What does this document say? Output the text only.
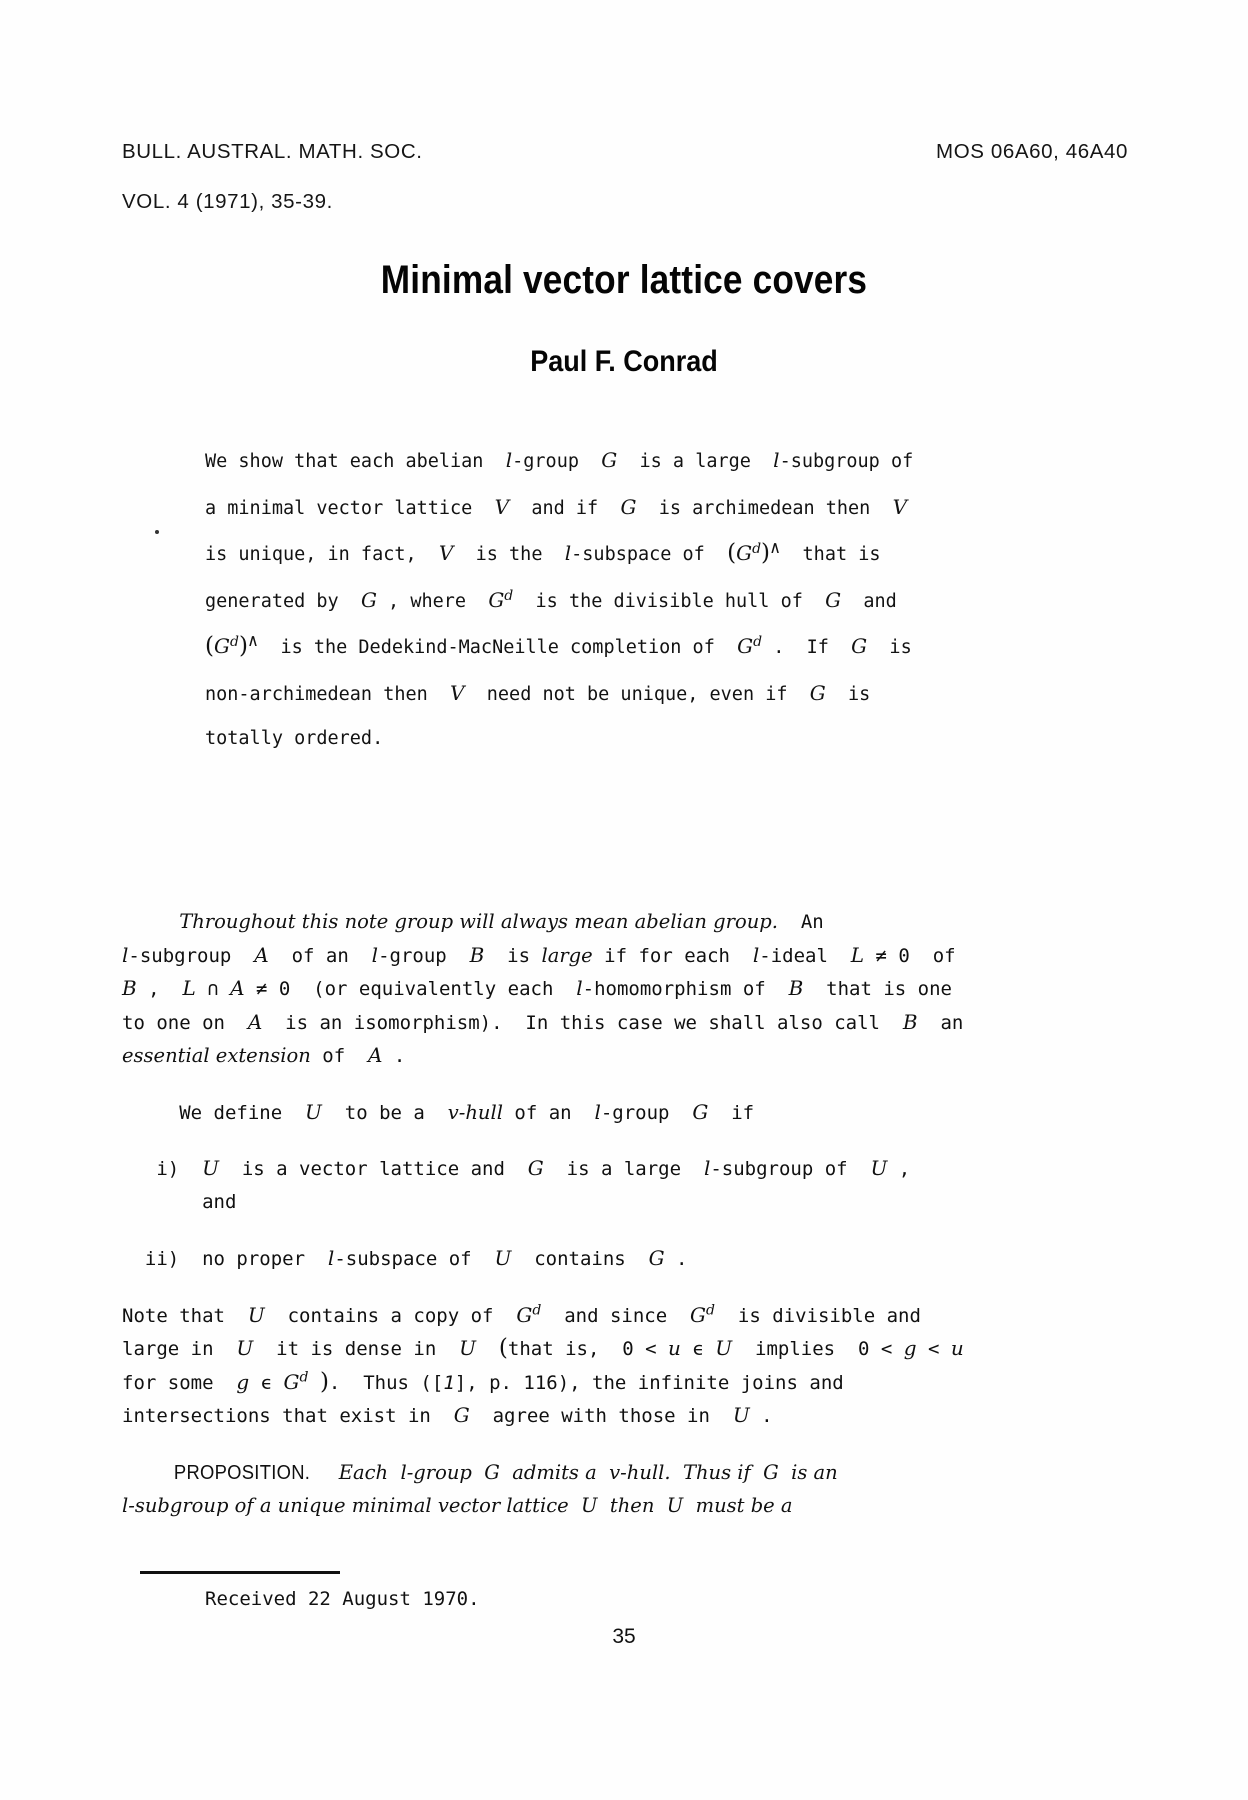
BULL. AUSTRAL. MATH. SOC.	MOS 06A60, 46A40
VOL. 4 (1971), 35-39.
Minimal vector lattice covers
Paul F. Conrad
We show that each abelian  l-group  G  is a large  l-subgroup of
a minimal vector lattice  V  and if  G  is archimedean then  V
is unique, in fact,  V  is the  l-subspace of  $(G^d)\wedge$  that is
generated by  G , where  $G^d$  is the divisible hull of  G  and
$(G^d)\wedge$  is the Dedekind-MacNeille completion of  $G^d$ .  If  G  is
non-archimedean then  V  need not be unique, even if  G  is
totally ordered.
Throughout this note group will always mean abelian group.  An
l-subgroup  A  of an  l-group  B  is large if for each  l-ideal  L ≠ 0  of
B ,  L ∩ A ≠ 0  (or equivalently each  l-homomorphism of  B  that is one
to one on  A  is an isomorphism).  In this case we shall also call  B  an
essential extension of  A .
We define  U  to be a  v-hull of an  l-group  G  if
i)  U  is a vector lattice and  G  is a large  l-subgroup of  U ,
and
ii)  no proper  l-subspace of  U  contains  G .
Note that  U  contains a copy of  $G^d$  and since  $G^d$  is divisible and
large in  U  it is dense in  U (that is,  0 < u ϵ U  implies  0 < g < u
for some  g ϵ $G^d$ ).  Thus ([1], p. 116), the infinite joins and
intersections that exist in  G  agree with those in  U .
PROPOSITION. Each  l-group  G  admits a  v-hull.  Thus if  G  is an
l-subgroup of a unique minimal vector lattice  U  then  U  must be a
Received 22 August 1970.
35
